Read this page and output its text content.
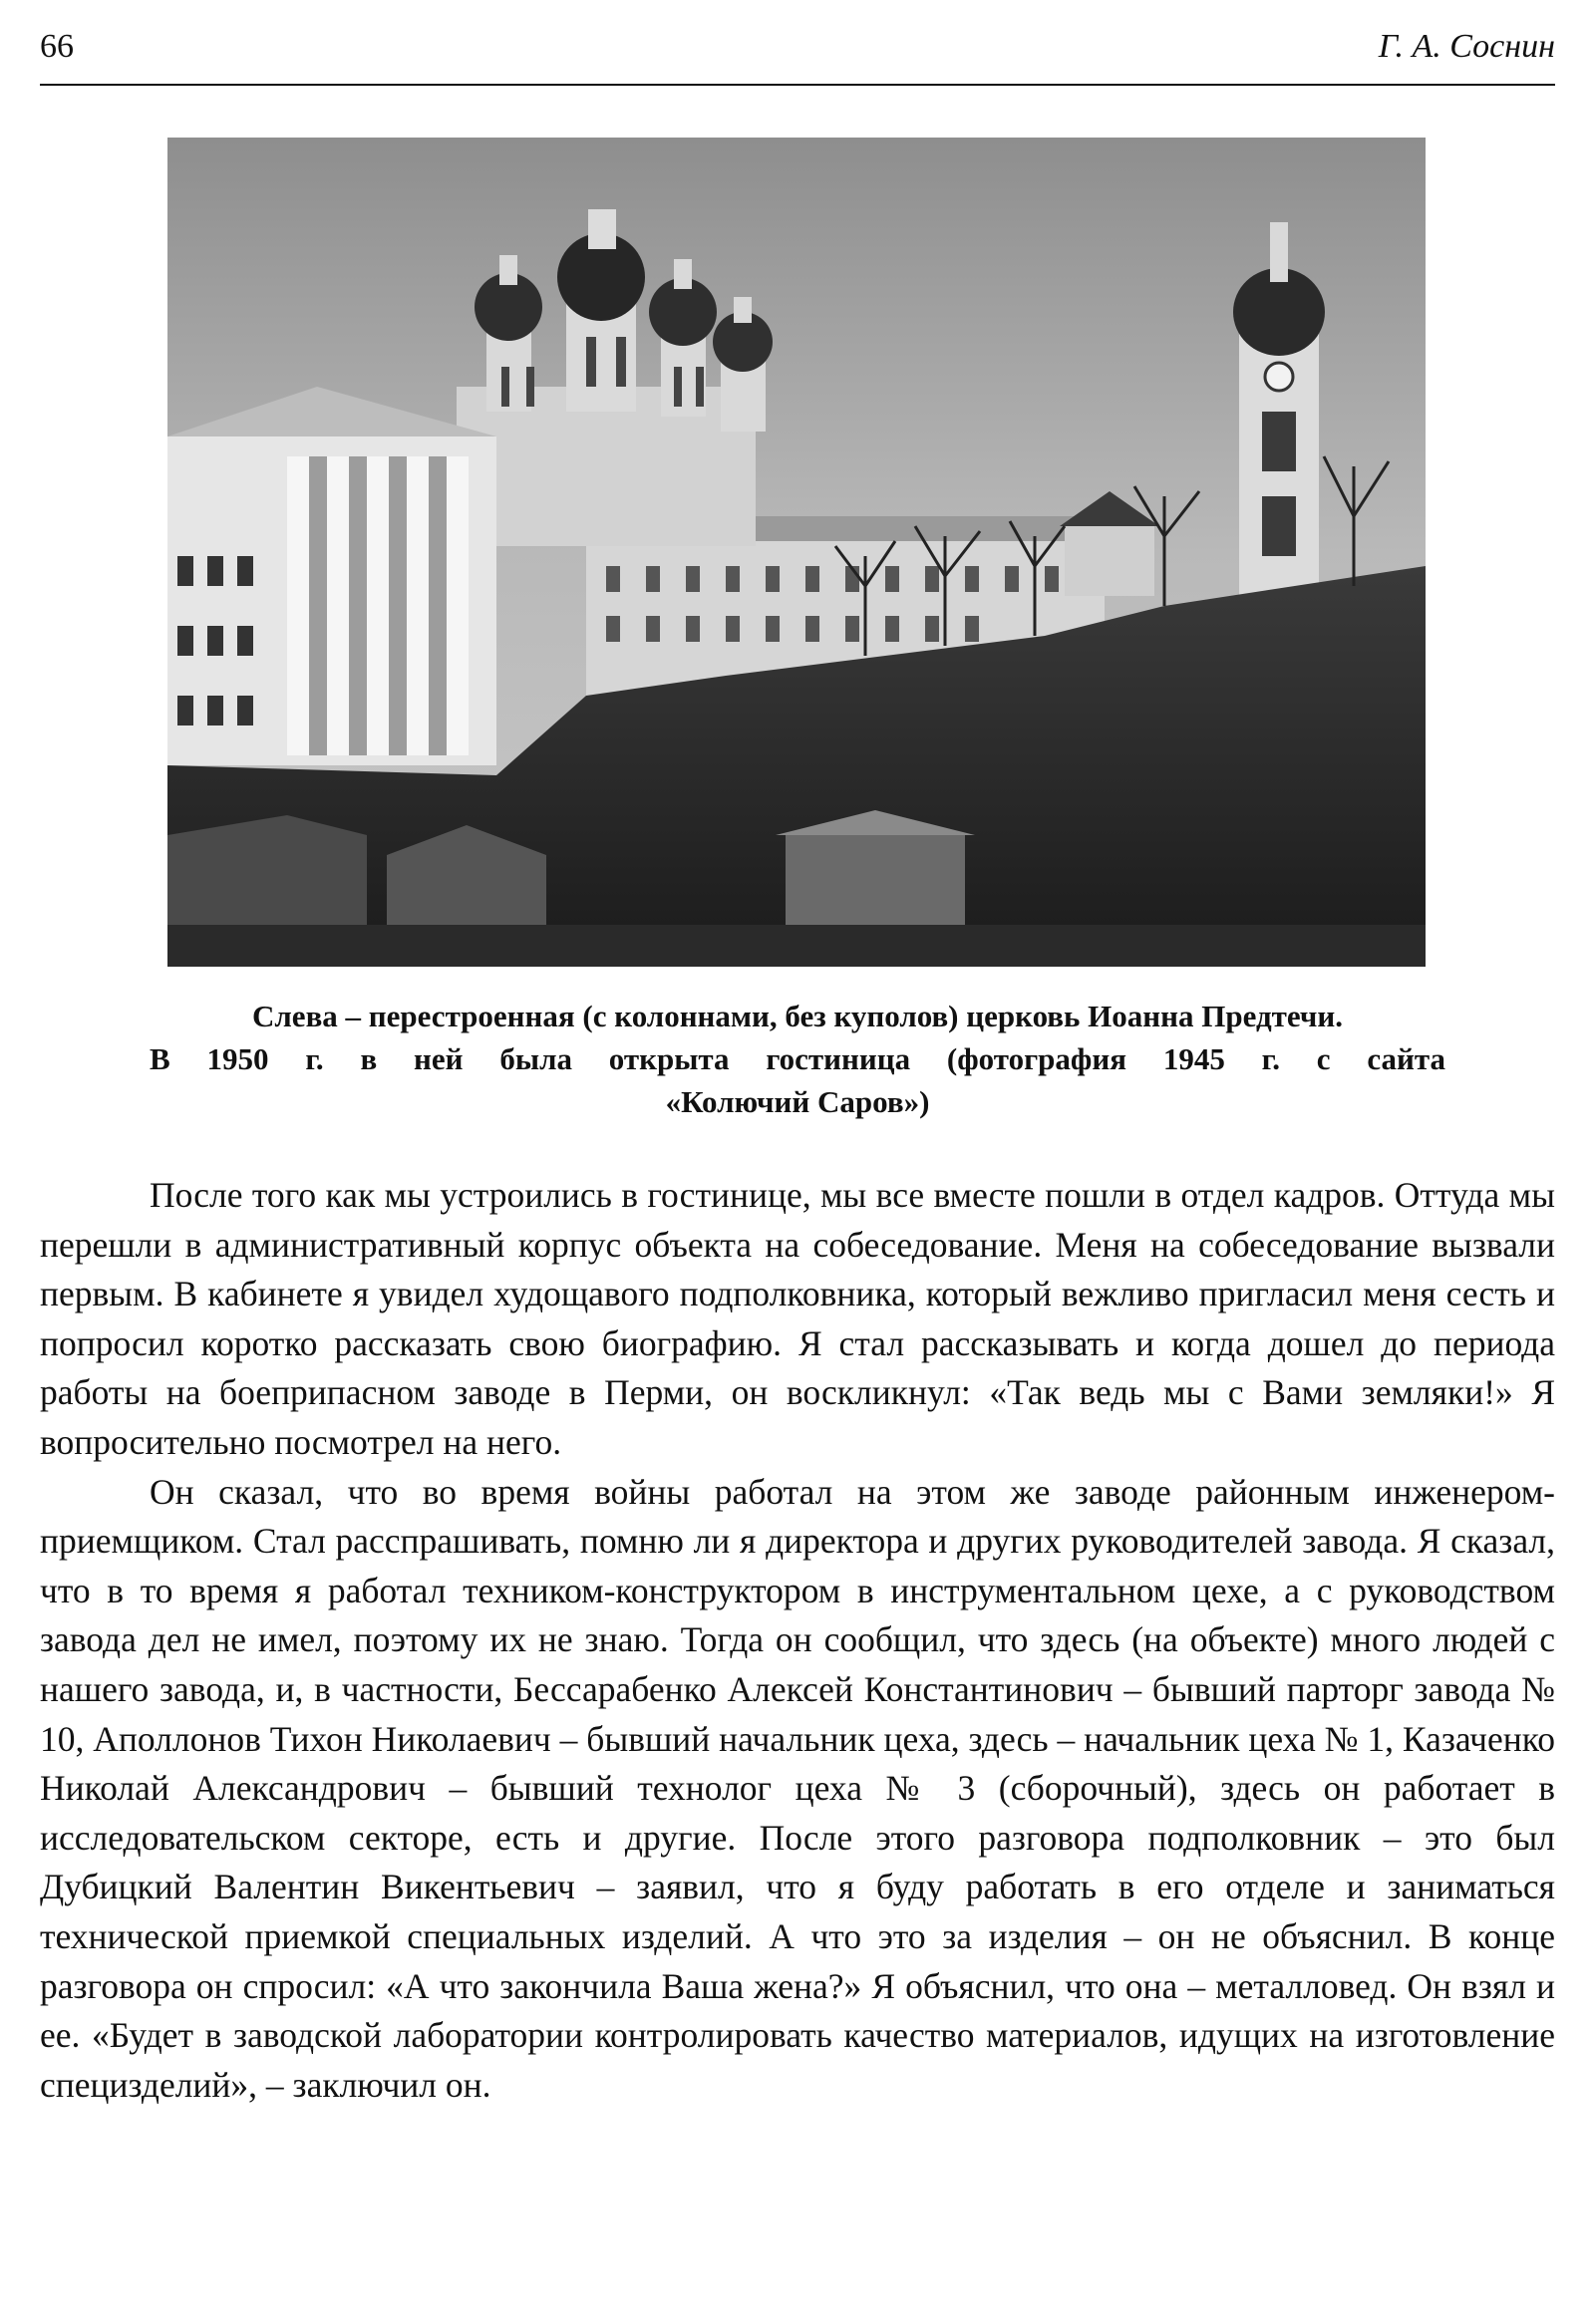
66	Г. А. Соснин
Слева – перестроенная (с колоннами, без куполов) церковь Иоанна Предтечи.
В 1950 г. в ней была открыта гостиница (фотография 1945 г. с сайта
«Колючий Саров»)

После того как мы устроились в гостинице, мы все вместе пошли в отдел кадров. Оттуда мы перешли в административный корпус объекта на собеседование. Меня на собеседование вызвали первым. В кабинете я увидел худощавого подполковника, который вежливо пригласил меня сесть и попросил коротко рассказать свою биографию. Я стал рассказывать и когда дошел до периода работы на боеприпасном заводе в Перми, он воскликнул: «Так ведь мы с Вами земляки!» Я вопросительно посмотрел на него.

Он сказал, что во время войны работал на этом же заводе районным инженером-приемщиком. Стал расспрашивать, помню ли я директора и других руководителей завода. Я сказал, что в то время я работал техником-конструктором в инструментальном цехе, а с руководством завода дел не имел, поэтому их не знаю. Тогда он сообщил, что здесь (на объекте) много людей с нашего завода, и, в частности, Бессарабенко Алексей Константинович – бывший парторг завода № 10, Аполлонов Тихон Николаевич – бывший начальник цеха, здесь – начальник цеха № 1, Казаченко Николай Александрович – бывший технолог цеха № 3 (сборочный), здесь он работает в исследовательском секторе, есть и другие. После этого разговора подполковник – это был Дубицкий Валентин Викентьевич – заявил, что я буду работать в его отделе и заниматься технической приемкой специальных изделий. А что это за изделия – он не объяснил. В конце разговора он спросил: «А что закончила Ваша жена?» Я объяснил, что она – металловед. Он взял и ее. «Будет в заводской лаборатории контролировать качество материалов, идущих на изготовление специзделий», – заключил он.
